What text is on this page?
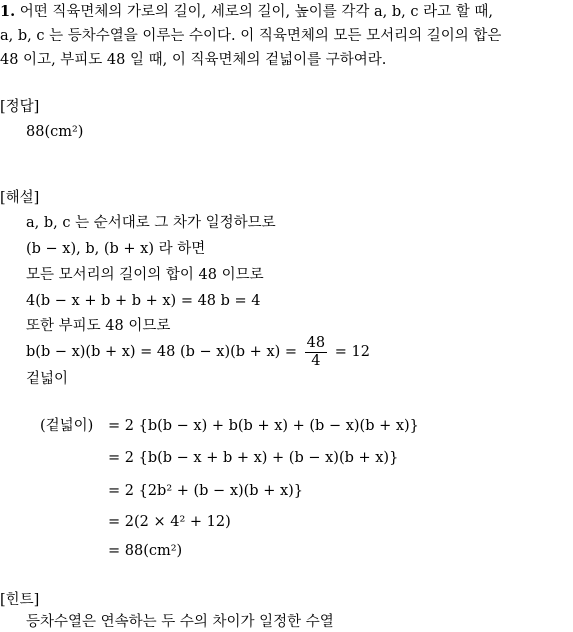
1. 어떤 직육면체의 가로의 길이, 세로의 길이, 높이를 각각 a, b, c 라고 할 때,
a, b, c 는 등차수열을 이루는 수이다. 이 직육면체의 모든 모서리의 길이의 합은
48 이고, 부피도 48 일 때, 이 직육면체의 겉넓이를 구하여라.
[정답]
88(cm²)
[해설]
a, b, c 는 순서대로 그 차가 일정하므로
(b − x), b, (b + x) 라 하면
모든 모서리의 길이의 합이 48 이므로
4(b − x + b + b + x) = 48 b = 4
또한 부피도 48 이므로
b(b − x)(b + x) = 48 $(b - x)(b + x) = \frac{48}{4} = 12$
겉넓이
(겉넓이) = 2 {b(b − x) + b(b + x) + (b − x)(b + x)}
= 2 {b(b − x + b + x) + (b − x)(b + x)}
= 2 {2b² + (b − x)(b + x)}
= 2(2 × 4² + 12)
= 88(cm²)
[힌트]
등차수열은 연속하는 두 수의 차이가 일정한 수열
